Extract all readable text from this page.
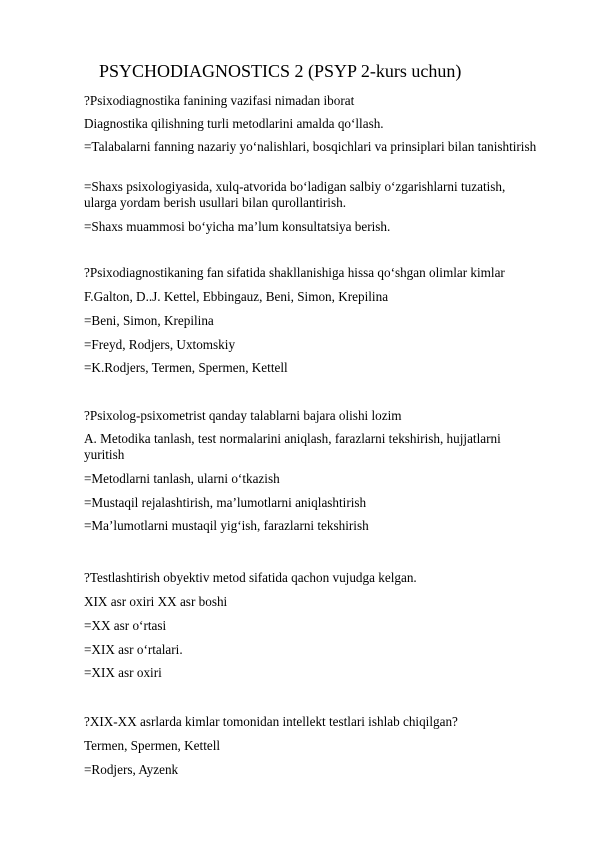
PSYCHODIAGNOSTICS 2 (PSYP 2-kurs uchun)
?Psixodiagnostika fanining vazifasi nimadan iborat
Diagnostika qilishning turli metodlarini amalda qo‘llash.
=Talabalarni fanning nazariy yo‘nalishlari, bosqichlari va prinsiplari bilan tanishtirish
=Shaxs psixologiyasida, xulq-atvorida bo‘ladigan salbiy o‘zgarishlarni tuzatish, ularga yordam berish usullari bilan qurollantirish.
=Shaxs muammosi bo‘yicha ma’lum konsultatsiya berish.
?Psixodiagnostikaning fan sifatida shakllanishiga hissa qo‘shgan olimlar kimlar
F.Galton, D..J. Kettel, Ebbingauz, Beni, Simon, Krepilina
=Beni, Simon, Krepilina
=Freyd, Rodjers, Uxtomskiy
=K.Rodjers, Termen, Spermen, Kettell
?Psixolog-psixometrist qanday talablarni bajara olishi lozim
A. Metodika tanlash, test normalarini aniqlash, farazlarni tekshirish, hujjatlarni yuritish
=Metodlarni tanlash, ularni o‘tkazish
=Mustaqil rejalashtirish, ma’lumotlarni aniqlashtirish
=Ma’lumotlarni mustaqil yig‘ish, farazlarni tekshirish
?Testlashtirish obyektiv metod sifatida qachon vujudga kelgan.
XIX asr oxiri XX asr boshi
=XX asr o‘rtasi
=XIX asr o‘rtalari.
=XIX asr oxiri
?XIX-XX asrlarda kimlar tomonidan intellekt testlari ishlab chiqilgan?
Termen, Spermen, Kettell
=Rodjers, Ayzenk
